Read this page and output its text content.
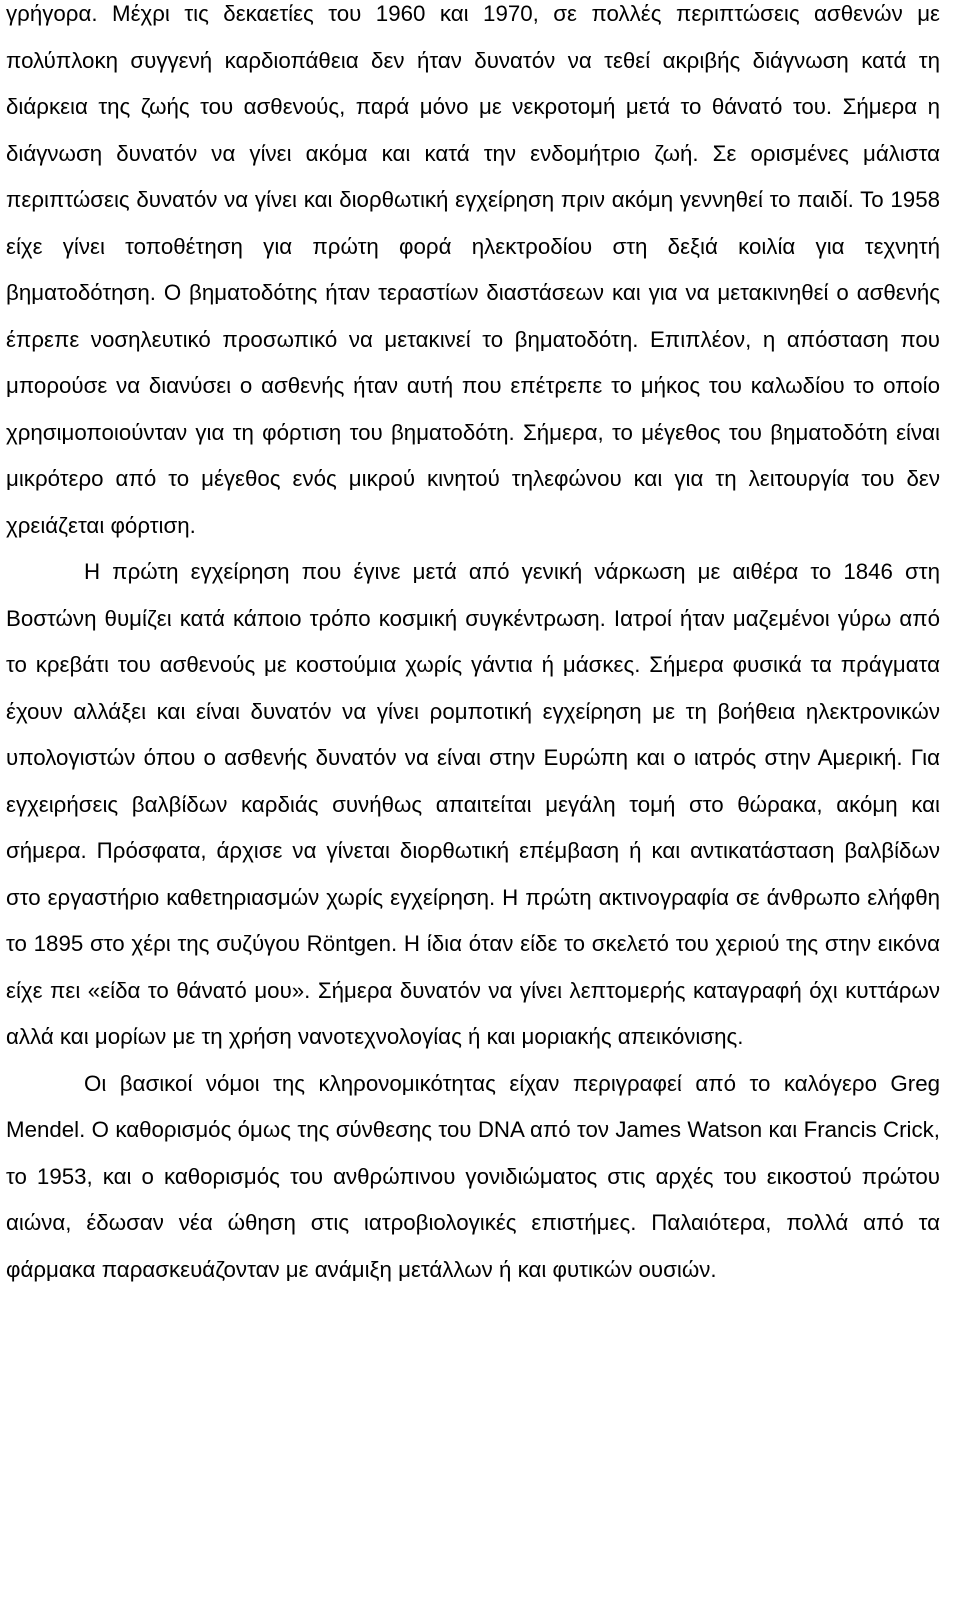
γρήγορα. Μέχρι τις δεκαετίες του 1960 και 1970, σε πολλές περιπτώσεις ασθενών με πολύπλοκη συγγενή καρδιοπάθεια δεν ήταν δυνατόν να τεθεί ακριβής διάγνωση κατά τη διάρκεια της ζωής του ασθενούς, παρά μόνο με νεκροτομή μετά το θάνατό του. Σήμερα η διάγνωση δυνατόν να γίνει ακόμα και κατά την ενδομήτριο ζωή. Σε ορισμένες μάλιστα περιπτώσεις δυνατόν να γίνει και διορθωτική εγχείρηση πριν ακόμη γεννηθεί το παιδί. Το 1958 είχε γίνει τοποθέτηση για πρώτη φορά ηλεκτροδίου στη δεξιά κοιλία για τεχνητή βηματοδότηση. Ο βηματοδότης ήταν τεραστίων διαστάσεων και για να μετακινηθεί ο ασθενής έπρεπε νοσηλευτικό προσωπικό να μετακινεί το βηματοδότη. Επιπλέον, η απόσταση που μπορούσε να διανύσει ο ασθενής ήταν αυτή που επέτρεπε το μήκος του καλωδίου το οποίο χρησιμοποιούνταν για τη φόρτιση του βηματοδότη. Σήμερα, το μέγεθος του βηματοδότη είναι μικρότερο από το μέγεθος ενός μικρού κινητού τηλεφώνου και για τη λειτουργία του δεν χρειάζεται φόρτιση.

Η πρώτη εγχείρηση που έγινε μετά από γενική νάρκωση με αιθέρα το 1846 στη Βοστώνη θυμίζει κατά κάποιο τρόπο κοσμική συγκέντρωση. Ιατροί ήταν μαζεμένοι γύρω από το κρεβάτι του ασθενούς με κοστούμια χωρίς γάντια ή μάσκες. Σήμερα φυσικά τα πράγματα έχουν αλλάξει και είναι δυνατόν να γίνει ρομποτική εγχείρηση με τη βοήθεια ηλεκτρονικών υπολογιστών όπου ο ασθενής δυνατόν να είναι στην Ευρώπη και ο ιατρός στην Αμερική. Για εγχειρήσεις βαλβίδων καρδιάς συνήθως απαιτείται μεγάλη τομή στο θώρακα, ακόμη και σήμερα. Πρόσφατα, άρχισε να γίνεται διορθωτική επέμβαση ή και αντικατάσταση βαλβίδων στο εργαστήριο καθετηριασμών χωρίς εγχείρηση. Η πρώτη ακτινογραφία σε άνθρωπο ελήφθη το 1895 στο χέρι της συζύγου Röntgen. Η ίδια όταν είδε το σκελετό του χεριού της στην εικόνα είχε πει «είδα το θάνατό μου». Σήμερα δυνατόν να γίνει λεπτομερής καταγραφή όχι κυττάρων αλλά και μορίων με τη χρήση νανοτεχνολογίας ή και μοριακής απεικόνισης.

Οι βασικοί νόμοι της κληρονομικότητας είχαν περιγραφεί από το καλόγερο Greg Mendel. Ο καθορισμός όμως της σύνθεσης του DNA από τον James Watson και Francis Crick, το 1953, και ο καθορισμός του ανθρώπινου γονιδιώματος στις αρχές του εικοστού πρώτου αιώνα, έδωσαν νέα ώθηση στις ιατροβιολογικές επιστήμες. Παλαιότερα, πολλά από τα φάρμακα παρασκευάζονταν με ανάμιξη μετάλλων ή και φυτικών ουσιών.
